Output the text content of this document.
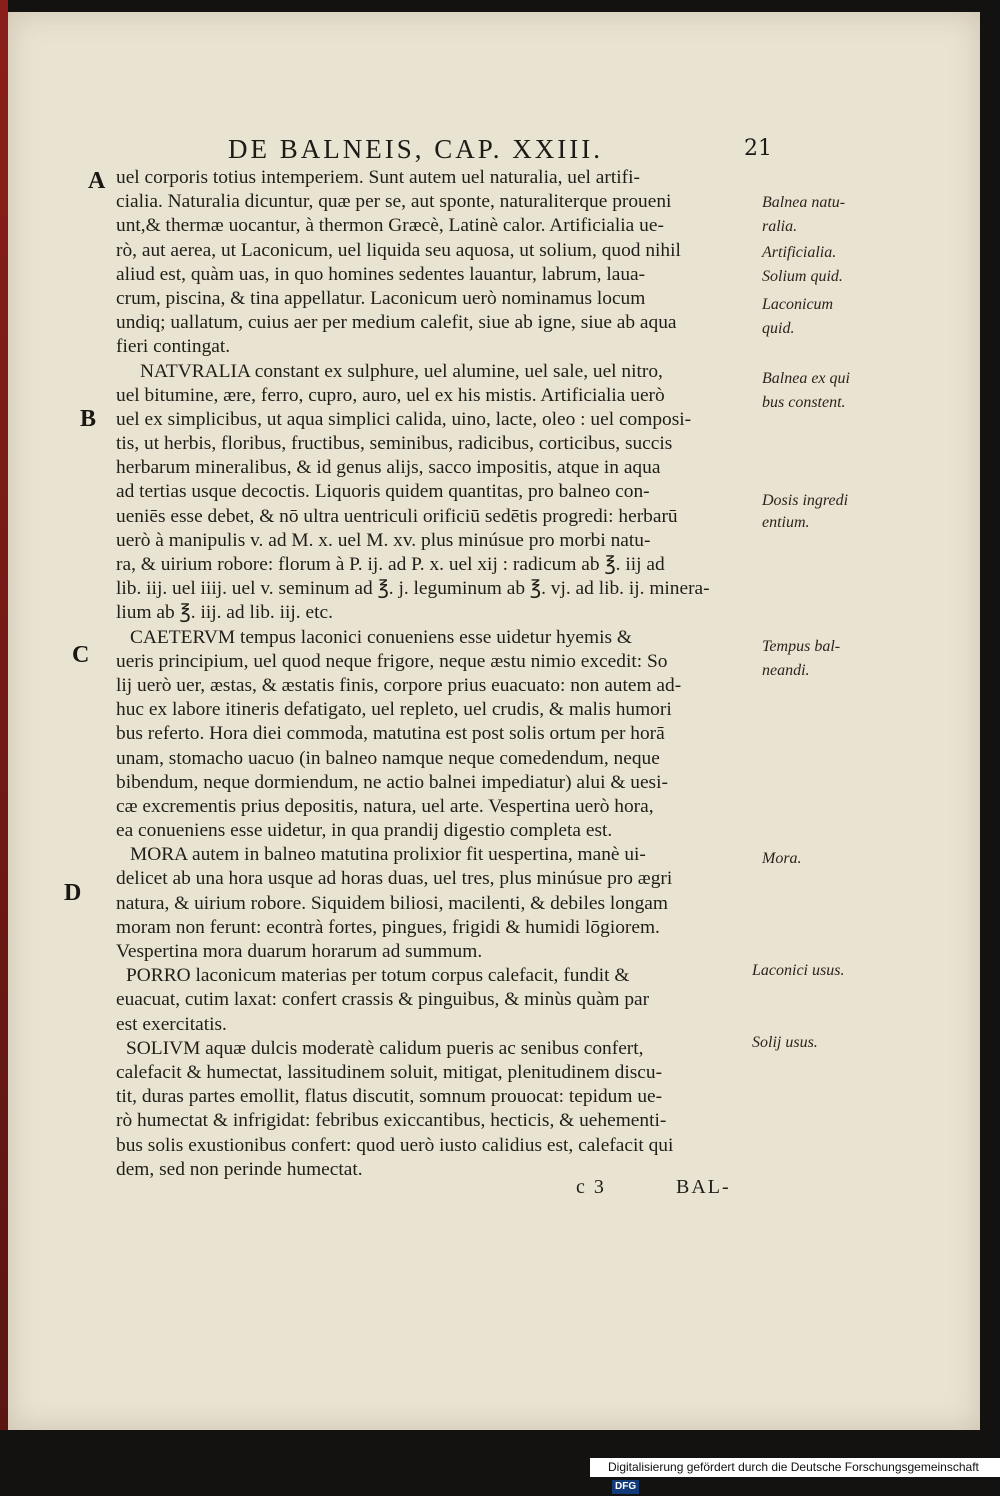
DE BALNEIS, CAP. XXIII.	21
A
B
C
D
uel corporis totius intemperiem. Sunt autem uel naturalia, uel artifi-
cialia. Naturalia dicuntur, quæ per se, aut sponte, naturaliterque proueni
unt,& thermæ uocantur, à thermon Græcè, Latinè calor. Artificialia ue-
rò, aut aerea, ut Laconicum, uel liquida seu aquosa, ut solium, quod nihil
aliud est, quàm uas, in quo homines sedentes lauantur, labrum, laua-
crum, piscina, & tina appellatur. Laconicum uerò nominamus locum
undiq; uallatum, cuius aer per medium calefit, siue ab igne, siue ab aqua
fieri contingat.
NATVRALIA constant ex sulphure, uel alumine, uel sale, uel nitro,
uel bitumine, ære, ferro, cupro, auro, uel ex his mistis. Artificialia uerò
uel ex simplicibus, ut aqua simplici calida, uino, lacte, oleo : uel composi-
tis, ut herbis, floribus, fructibus, seminibus, radicibus, corticibus, succis
herbarum mineralibus, & id genus alijs, sacco impositis, atque in aqua
ad tertias usque decoctis. Liquoris quidem quantitas, pro balneo con-
ueniēs esse debet, & nō ultra uentriculi orificiū sedētis progredi: herbarū
uerò à manipulis v. ad M. x. uel M. xv. plus minúsue pro morbi natu-
ra, & uirium robore: florum à P. ij. ad P. x. uel xij : radicum ab ℥. iij ad
lib. iij. uel iiij. uel v. seminum ad ℥. j. leguminum ab ℥. vj. ad lib. ij. minera-
lium ab ℥. iij. ad lib. iij. etc.
CAETERVM tempus laconici conueniens esse uidetur hyemis &
ueris principium, uel quod neque frigore, neque æstu nimio excedit: So
lij uerò uer, æstas, & æstatis finis, corpore prius euacuato: non autem ad-
huc ex labore itineris defatigato, uel repleto, uel crudis, & malis humori
bus referto. Hora diei commoda, matutina est post solis ortum per horā
unam, stomacho uacuo (in balneo namque neque comedendum, neque
bibendum, neque dormiendum, ne actio balnei impediatur) alui & uesi-
cæ excrementis prius depositis, natura, uel arte. Vespertina uerò hora,
ea conueniens esse uidetur, in qua prandij digestio completa est.
MORA autem in balneo matutina prolixior fit uespertina, manè ui-
delicet ab una hora usque ad horas duas, uel tres, plus minúsue pro ægri
natura, & uirium robore. Siquidem biliosi, macilenti, & debiles longam
moram non ferunt: econtrà fortes, pingues, frigidi & humidi lōgiorem.
Vespertina mora duarum horarum ad summum.
PORRO laconicum materias per totum corpus calefacit, fundit &
euacuat, cutim laxat: confert crassis & pinguibus, & minùs quàm par
est exercitatis.
SOLIVM aquæ dulcis moderatè calidum pueris ac senibus confert,
calefacit & humectat, lassitudinem soluit, mitigat, plenitudinem discu-
tit, duras partes emollit, flatus discutit, somnum prouocat: tepidum ue-
rò humectat & infrigidat: febribus exiccantibus, hecticis, & uehementi-
bus solis exustionibus confert: quod uerò iusto calidius est, calefacit qui
dem, sed non perinde humectat.
Balnea natu-
ralia.
Artificialia.
Solium quid.
Laconicum
quid.
Balnea ex qui
bus constent.
Dosis ingredi
entium.
Tempus bal-
neandi.
Mora.
Laconici usus.
Solij usus.
c 3	BAL-
Digitalisierung gefördert durch die Deutsche Forschungsgemeinschaft DFG
